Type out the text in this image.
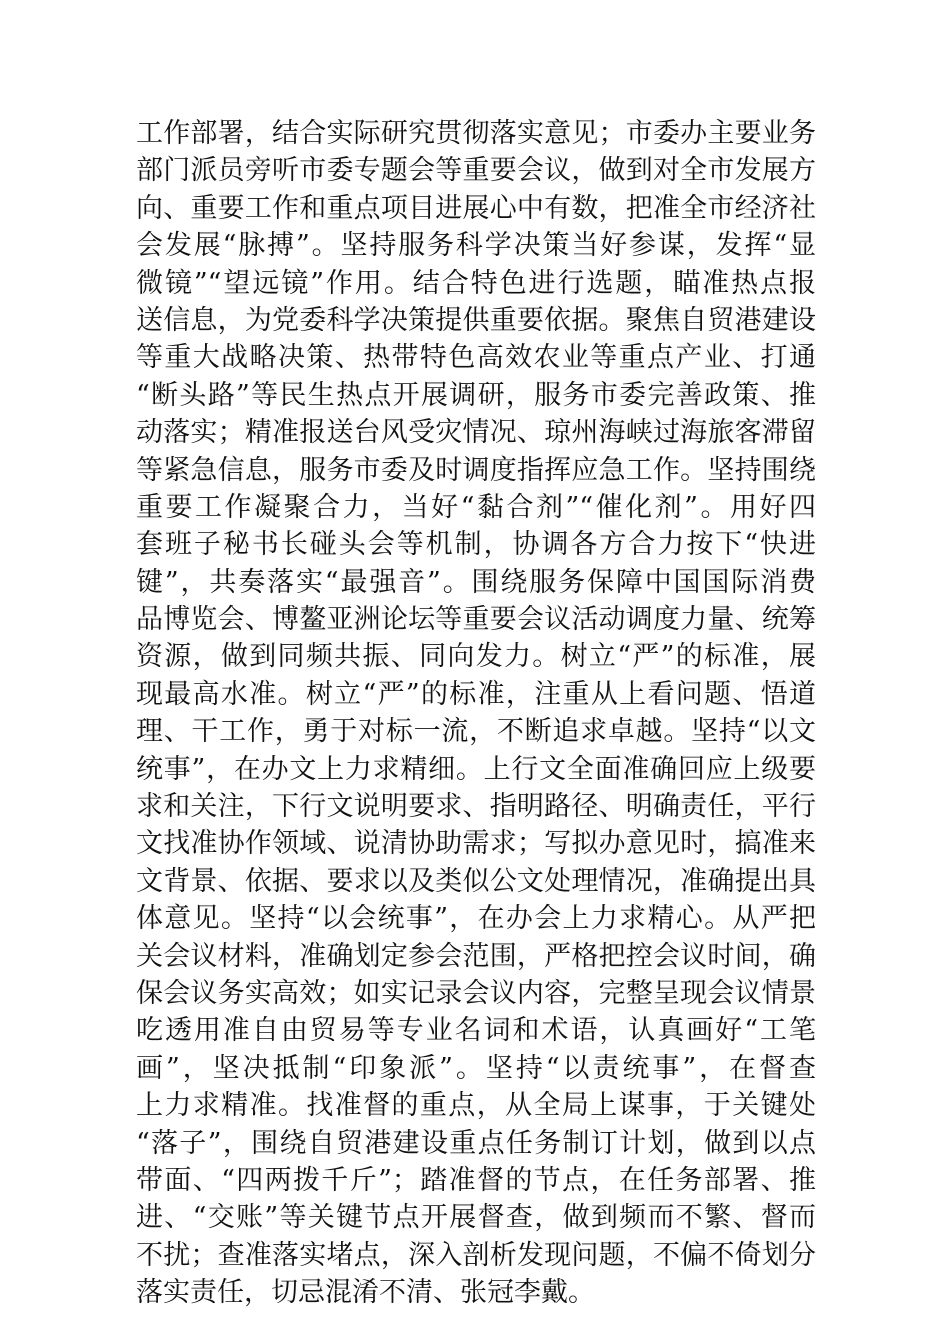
工作部署，结合实际研究贯彻落实意见；市委办主要业务
部门派员旁听市委专题会等重要会议，做到对全市发展方
向、重要工作和重点项目进展心中有数，把准全市经济社
会发展“脉搏”。坚持服务科学决策当好参谋，发挥“显
微镜”“望远镜”作用。结合特色进行选题，瞄准热点报
送信息，为党委科学决策提供重要依据。聚焦自贸港建设
等重大战略决策、热带特色高效农业等重点产业、打通
“断头路”等民生热点开展调研，服务市委完善政策、推
动落实；精准报送台风受灾情况、琼州海峡过海旅客滞留
等紧急信息，服务市委及时调度指挥应急工作。坚持围绕
重要工作凝聚合力，当好“黏合剂”“催化剂”。用好四
套班子秘书长碰头会等机制，协调各方合力按下“快进
键”，共奏落实“最强音”。围绕服务保障中国国际消费
品博览会、博鳌亚洲论坛等重要会议活动调度力量、统筹
资源，做到同频共振、同向发力。树立“严”的标准，展
现最高水准。树立“严”的标准，注重从上看问题、悟道
理、干工作，勇于对标一流，不断追求卓越。坚持“以文
统事”，在办文上力求精细。上行文全面准确回应上级要
求和关注，下行文说明要求、指明路径、明确责任，平行
文找准协作领域、说清协助需求；写拟办意见时，搞准来
文背景、依据、要求以及类似公文处理情况，准确提出具
体意见。坚持“以会统事”，在办会上力求精心。从严把
关会议材料，准确划定参会范围，严格把控会议时间，确
保会议务实高效；如实记录会议内容，完整呈现会议情景
吃透用准自由贸易等专业名词和术语，认真画好“工笔
画”，坚决抵制“印象派”。坚持“以责统事”，在督查
上力求精准。找准督的重点，从全局上谋事，于关键处
“落子”，围绕自贸港建设重点任务制订计划，做到以点
带面、“四两拨千斤”；踏准督的节点，在任务部署、推
进、“交账”等关键节点开展督查，做到频而不繁、督而
不扰；查准落实堵点，深入剖析发现问题，不偏不倚划分
落实责任，切忌混淆不清、张冠李戴。
